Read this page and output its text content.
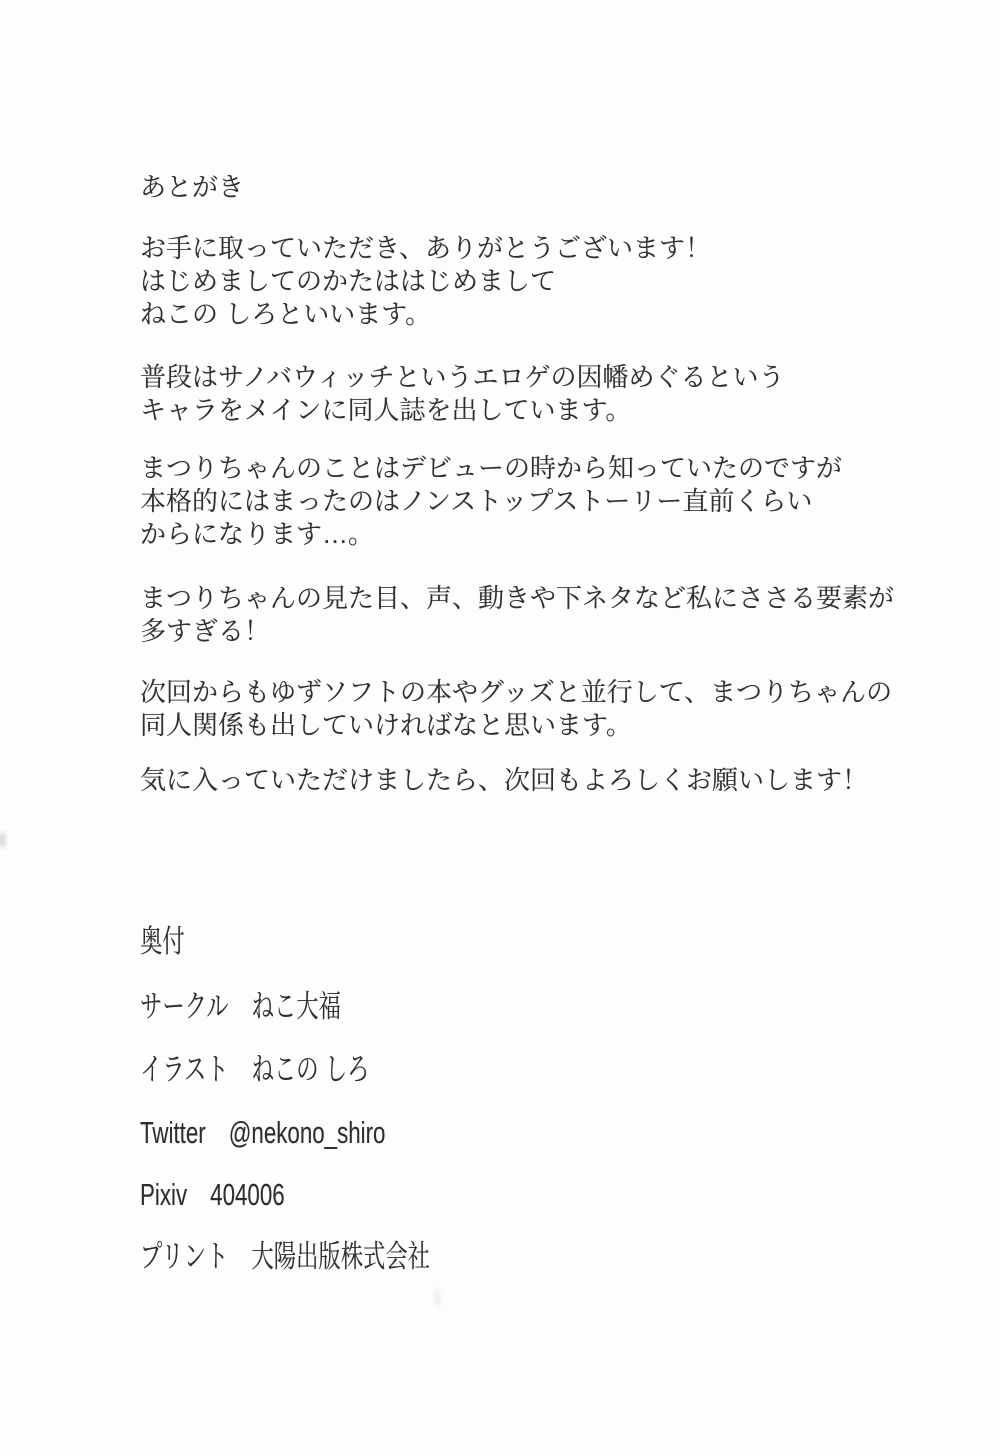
あとがき
お手に取っていただき、ありがとうございます！
はじめましてのかたははじめまして
ねこの しろといいます。
普段はサノバウィッチというエロゲの因幡めぐるという
キャラをメインに同人誌を出しています。
まつりちゃんのことはデビューの時から知っていたのですが
本格的にはまったのはノンストップストーリー直前くらい
からになります…。
まつりちゃんの見た目、声、動きや下ネタなど私にささる要素が
多すぎる！
次回からもゆずソフトの本やグッズと並行して、まつりちゃんの
同人関係も出していければなと思います。
気に入っていただけましたら、次回もよろしくお願いします！
奥付
サークル ねこ大福
イラスト ねこの しろ
Twitter @nekono_shiro
Pixiv 404006
プリント 大陽出版株式会社
